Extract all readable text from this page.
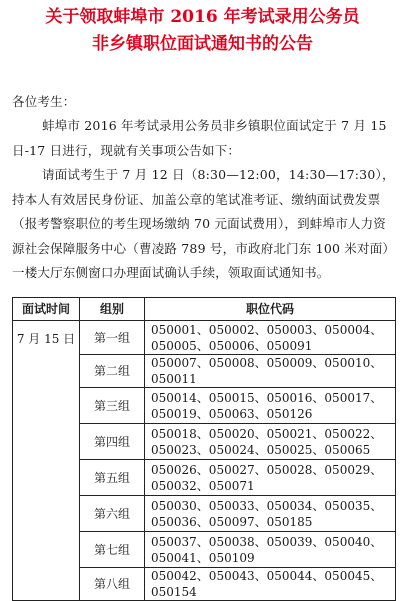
关于领取蚌埠市 2016 年考试录用公务员
非乡镇职位面试通知书的公告
各位考生：
蚌埠市 2016 年考试录用公务员非乡镇职位面试定于 7 月 15 日-17 日进行，现就有关事项公告如下：
请面试考生于 7 月 12 日（8:30—12:00，14:30—17:30），持本人有效居民身份证、加盖公章的笔试准考证、缴纳面试费发票（报考警察职位的考生现场缴纳 70 元面试费用），到蚌埠市人力资源社会保障服务中心（曹凌路 789 号，市政府北门东 100 米对面）一楼大厅东侧窗口办理面试确认手续，领取面试通知书。
面试时间	组别	职位代码
7 月 15 日	第一组	050001、050002、050003、050004、050005、050006、050091
	第二组	050007、050008、050009、050010、050011
	第三组	050014、050015、050016、050017、050019、050063、050126
	第四组	050018、050020、050021、050022、050023、050024、050025、050065
	第五组	050026、050027、050028、050029、050032、050071
	第六组	050030、050033、050034、050035、050036、050097、050185
	第七组	050037、050038、050039、050040、050041、050109
	第八组	050042、050043、050044、050045、050154
